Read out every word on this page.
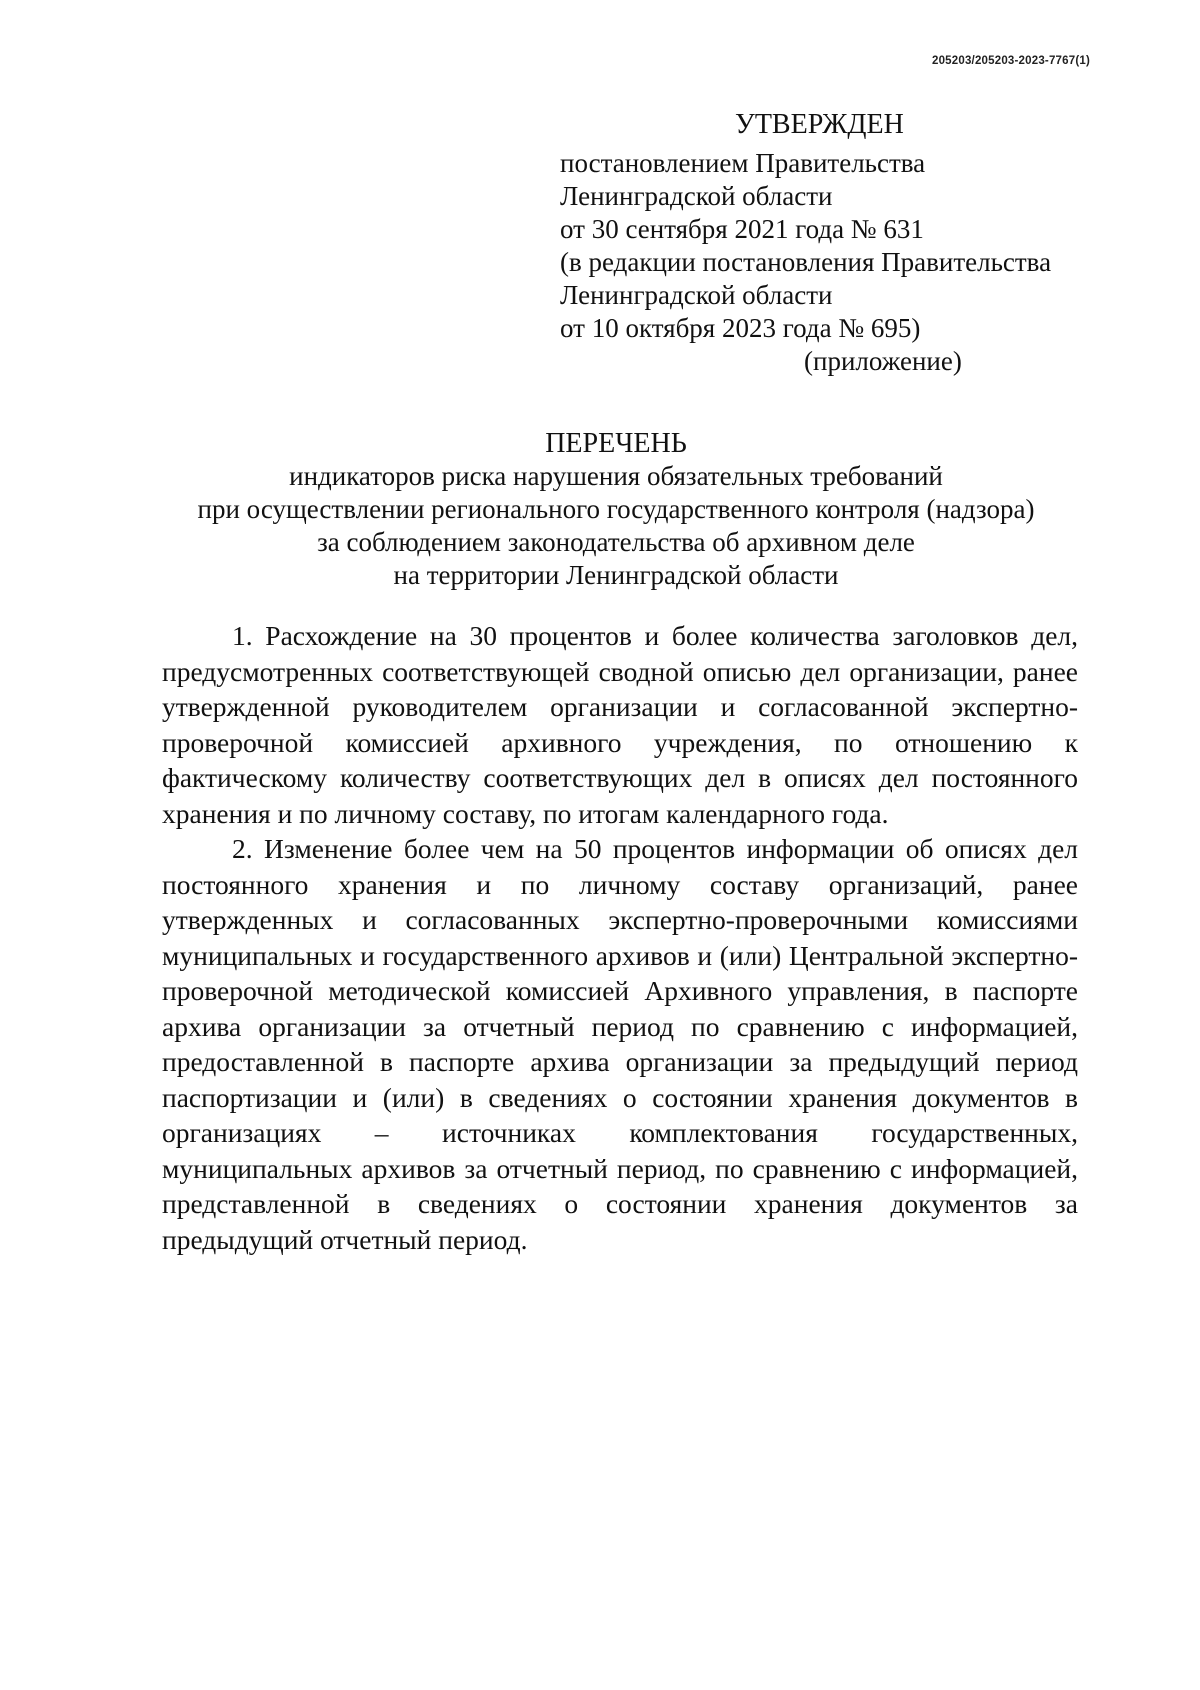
205203/205203-2023-7767(1)
УТВЕРЖДЕН
постановлением Правительства
Ленинградской области
от 30 сентября 2021 года № 631
(в редакции постановления Правительства
Ленинградской области
от 10 октября 2023 года № 695)
(приложение)
ПЕРЕЧЕНЬ
индикаторов риска нарушения обязательных требований
при осуществлении регионального государственного контроля (надзора)
за соблюдением законодательства об архивном деле
на территории Ленинградской области

1. Расхождение на 30 процентов и более количества заголовков дел, предусмотренных соответствующей сводной описью дел организации, ранее утвержденной руководителем организации и согласованной экспертно-проверочной комиссией архивного учреждения, по отношению к фактическому количеству соответствующих дел в описях дел постоянного хранения и по личному составу, по итогам календарного года.

2. Изменение более чем на 50 процентов информации об описях дел постоянного хранения и по личному составу организаций, ранее утвержденных и согласованных экспертно-проверочными комиссиями муниципальных и государственного архивов и (или) Центральной экспертно-проверочной методической комиссией Архивного управления, в паспорте архива организации за отчетный период по сравнению с информацией, предоставленной в паспорте архива организации за предыдущий период паспортизации и (или) в сведениях о состоянии хранения документов в организациях – источниках комплектования государственных, муниципальных архивов за отчетный период, по сравнению с информацией, представленной в сведениях о состоянии хранения документов за предыдущий отчетный период.
